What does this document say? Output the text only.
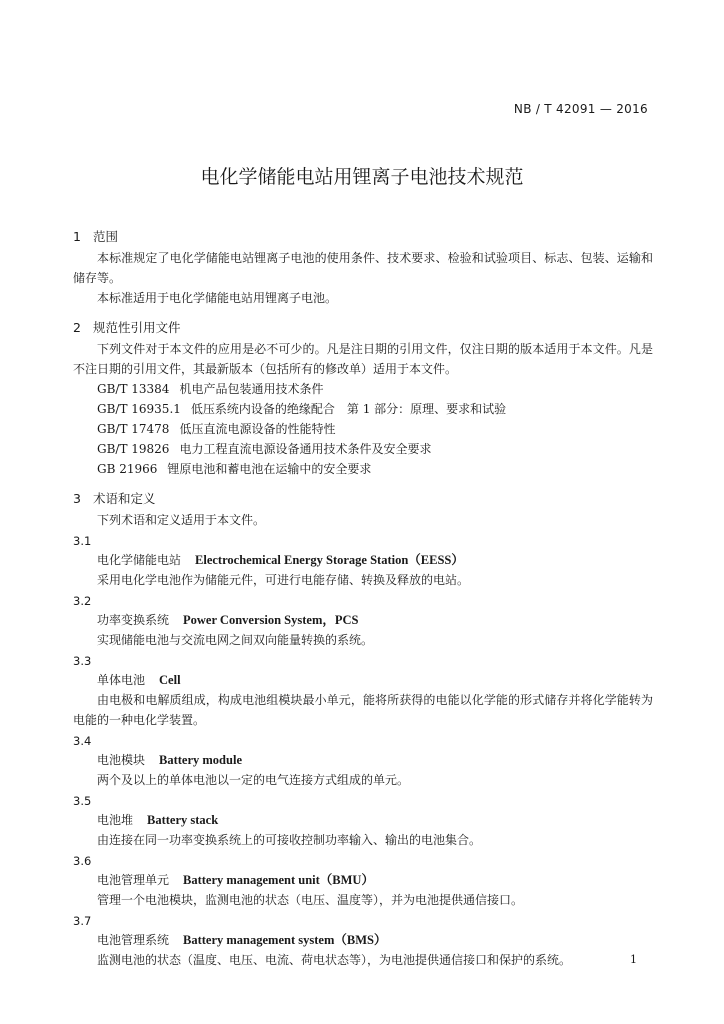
NB / T 42091 — 2016
电化学储能电站用锂离子电池技术规范
1 范围
本标准规定了电化学储能电站锂离子电池的使用条件、技术要求、检验和试验项目、标志、包装、运输和储存等。
本标准适用于电化学储能电站用锂离子电池。
2 规范性引用文件
下列文件对于本文件的应用是必不可少的。凡是注日期的引用文件，仅注日期的版本适用于本文件。凡是不注日期的引用文件，其最新版本（包括所有的修改单）适用于本文件。
GB/T 13384 机电产品包装通用技术条件
GB/T 16935.1 低压系统内设备的绝缘配合　第 1 部分：原理、要求和试验
GB/T 17478 低压直流电源设备的性能特性
GB/T 19826 电力工程直流电源设备通用技术条件及安全要求
GB 21966 锂原电池和蓄电池在运输中的安全要求
3 术语和定义
下列术语和定义适用于本文件。
3.1
电化学储能电站 Electrochemical Energy Storage Station（EESS）
采用电化学电池作为储能元件，可进行电能存储、转换及释放的电站。
3.2
功率变换系统 Power Conversion System，PCS
实现储能电池与交流电网之间双向能量转换的系统。
3.3
单体电池 Cell
由电极和电解质组成，构成电池组模块最小单元，能将所获得的电能以化学能的形式储存并将化学能转为电能的一种电化学装置。
3.4
电池模块 Battery module
两个及以上的单体电池以一定的电气连接方式组成的单元。
3.5
电池堆 Battery stack
由连接在同一功率变换系统上的可接收控制功率输入、输出的电池集合。
3.6
电池管理单元 Battery management unit（BMU）
管理一个电池模块，监测电池的状态（电压、温度等），并为电池提供通信接口。
3.7
电池管理系统 Battery management system（BMS）
监测电池的状态（温度、电压、电流、荷电状态等），为电池提供通信接口和保护的系统。	1
